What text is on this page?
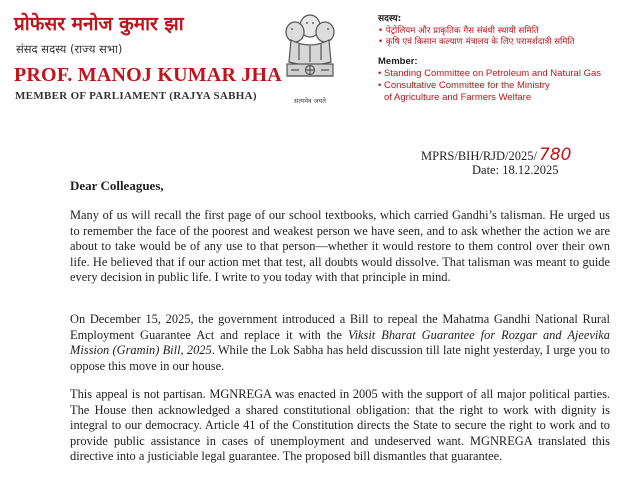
प्रोफेसर मनोज कुमार झा
संसद सदस्य (राज्य सभा)
PROF. MANOJ KUMAR JHA
MEMBER OF PARLIAMENT (RAJYA SABHA)	सत्यमेव जयते
सदस्य:
• पेट्रोलियम और प्राकृतिक गैस संबंधी स्थायी समिति
• कृषि एवं किसान कल्याण मंत्रालय के लिए परामर्शदात्री समिति
Member:
• Standing Committee on Petroleum and Natural Gas
• Consultative Committee for the Ministry
of Agriculture and Farmers Welfare
MPRS/BIH/RJD/2025/ 780
Date: 18.12.2025
Dear Colleagues,

Many of us will recall the first page of our school textbooks, which carried Gandhi’s talisman. He urged us to remember the face of the poorest and weakest person we have seen, and to ask whether the action we are about to take would be of any use to that person—whether it would restore to them control over their own life. He believed that if our action met that test, all doubts would dissolve. That talisman was meant to guide every decision in public life. I write to you today with that principle in mind.

On December 15, 2025, the government introduced a Bill to repeal the Mahatma Gandhi National Rural Employment Guarantee Act and replace it with the Viksit Bharat Guarantee for Rozgar and Ajeevika Mission (Gramin) Bill, 2025. While the Lok Sabha has held discussion till late night yesterday, I urge you to oppose this move in our house.

This appeal is not partisan. MGNREGA was enacted in 2005 with the support of all major political parties. The House then acknowledged a shared constitutional obligation: that the right to work with dignity is integral to our democracy. Article 41 of the Constitution directs the State to secure the right to work and to provide public assistance in cases of unemployment and undeserved want. MGNREGA translated this directive into a justiciable legal guarantee. The proposed bill dismantles that guarantee.
